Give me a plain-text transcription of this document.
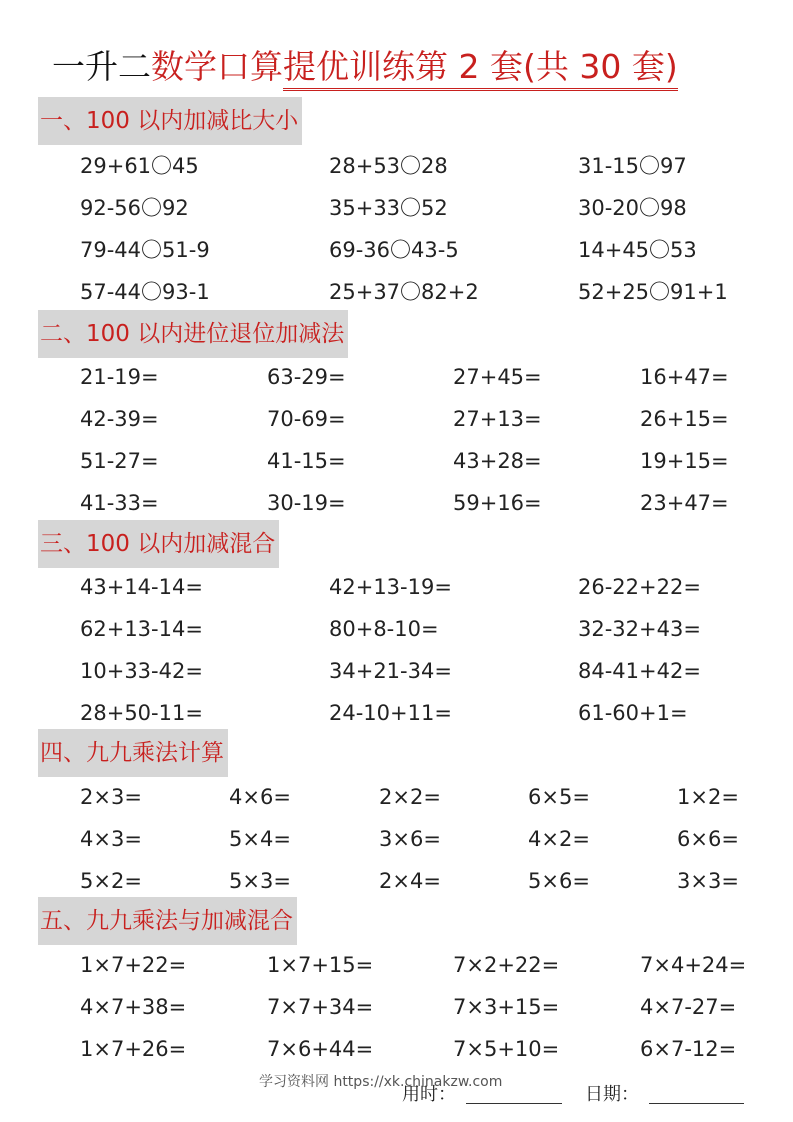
一升二数学口算提优训练第 2 套(共 30 套)
一、100 以内加减比大小
29+61〇45	28+53〇28	31-15〇97
92-56〇92	35+33〇52	30-20〇98
79-44〇51-9	69-36〇43-5	14+45〇53
57-44〇93-1	25+37〇82+2	52+25〇91+1
二、100 以内进位退位加减法
21-19=	63-29=	27+45=	16+47=
42-39=	70-69=	27+13=	26+15=
51-27=	41-15=	43+28=	19+15=
41-33=	30-19=	59+16=	23+47=
三、100 以内加减混合
43+14-14=	42+13-19=	26-22+22=
62+13-14=	80+8-10=	32-32+43=
10+33-42=	34+21-34=	84-41+42=
28+50-11=	24-10+11=	61-60+1=
四、九九乘法计算
2×3=	4×6=	2×2=	6×5=	1×2=
4×3=	5×4=	3×6=	4×2=	6×6=
5×2=	5×3=	2×4=	5×6=	3×3=
五、九九乘法与加减混合
1×7+22=	1×7+15=	7×2+22=	7×4+24=
4×7+38=	7×7+34=	7×3+15=	4×7-27=
1×7+26=	7×6+44=	7×5+10=	6×7-12=
学习资料网 https://xk.chinakzw.com
用时：	日期：
